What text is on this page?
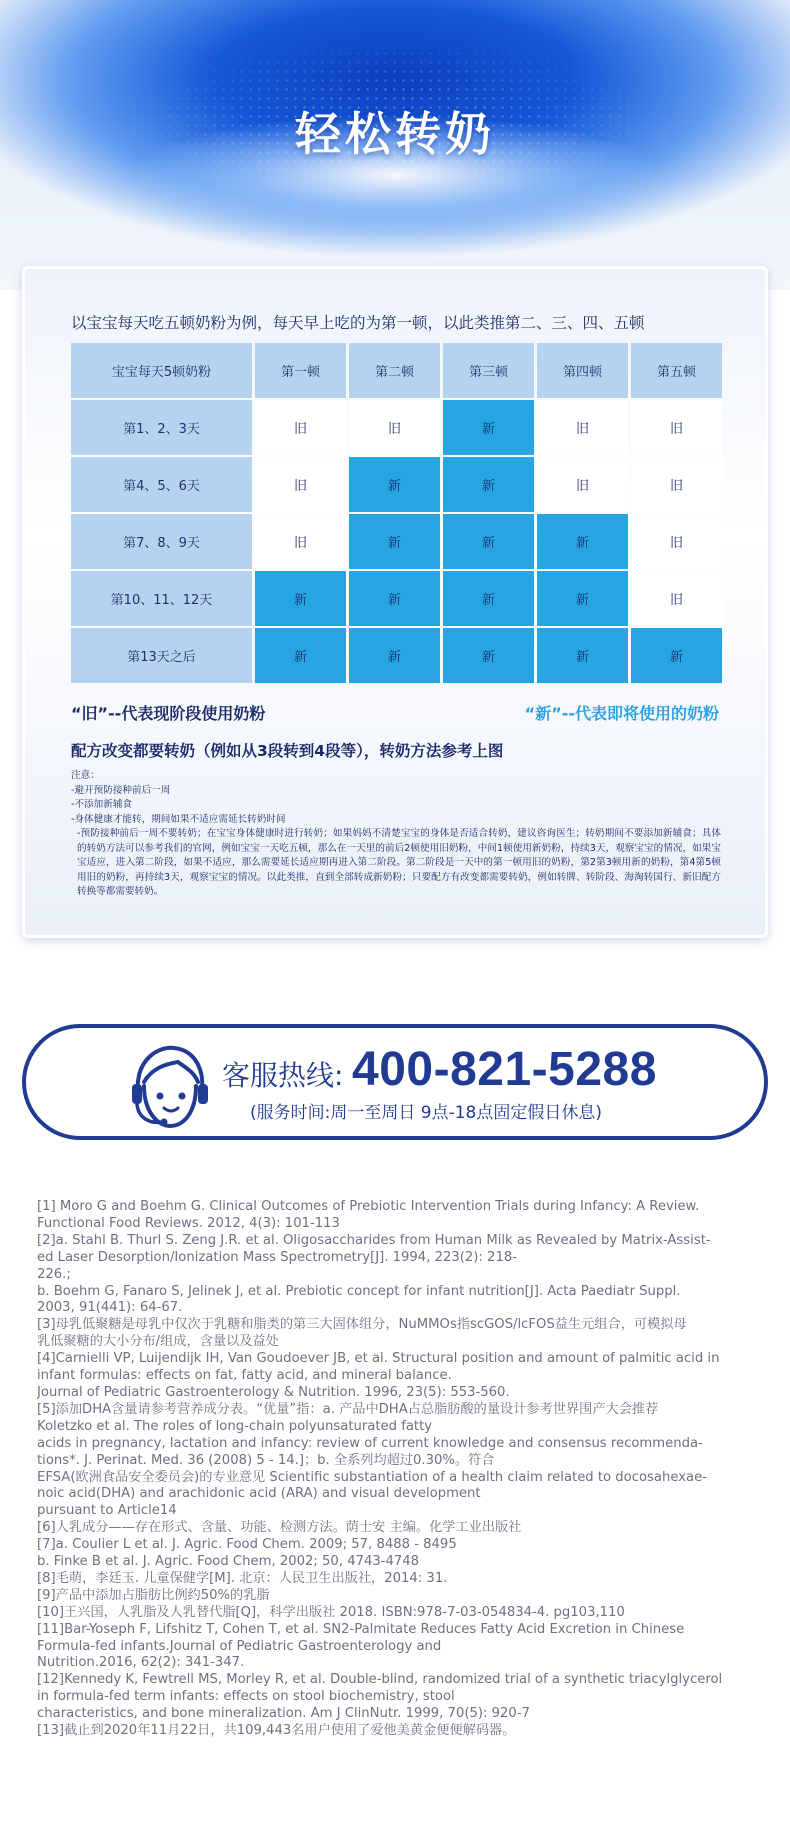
轻松转奶
以宝宝每天吃五顿奶粉为例，每天早上吃的为第一顿，以此类推第二、三、四、五顿
宝宝每天5顿奶粉	第一顿	第二顿	第三顿	第四顿	第五顿
第1、2、3天	旧	旧	新	旧	旧
第4、5、6天	旧	新	新	旧	旧
第7、8、9天	旧	新	新	新	旧
第10、11、12天	新	新	新	新	旧
第13天之后	新	新	新	新	新
“旧”--代表现阶段使用奶粉	“新”--代表即将使用的奶粉
配方改变都要转奶（例如从3段转到4段等），转奶方法参考上图

注意：

-避开预防接种前后一周

-不添加新辅食

-身体健康才能转，期间如果不适应需延长转奶时间

-预防接种前后一周不要转奶；在宝宝身体健康时进行转奶；如果妈妈不清楚宝宝的身体是否适合转奶，建议咨询医生；转奶期间不要添加新辅食；具体的转奶方法可以参考我们的官网，例如宝宝一天吃五顿，那么在一天里的前后2顿使用旧奶粉，中间1顿使用新奶粉，持续3天，观察宝宝的情况，如果宝宝适应，进入第二阶段，如果不适应，那么需要延长适应期再进入第二阶段。第二阶段是一天中的第一顿用旧的奶粉，第2第3顿用新的奶粉，第4第5顿用旧的奶粉，再持续3天，观察宝宝的情况。以此类推，直到全部转成新奶粉；只要配方有改变都需要转奶，例如转牌、转阶段、海淘转国行、新旧配方转换等都需要转奶。

客服热线: 400-821-5288
(服务时间:周一至周日 9点-18点固定假日休息)
[1] Moro G and Boehm G. Clinical Outcomes of Prebiotic Intervention Trials during Infancy: A Review.
Functional Food Reviews. 2012, 4(3): 101-113
[2]a. Stahl B. Thurl S. Zeng J.R. et al. Oligosaccharides from Human Milk as Revealed by Matrix-Assist-
ed Laser Desorption/Ionization Mass Spectrometry[J]. 1994, 223(2): 218-
226.;
b. Boehm G, Fanaro S, Jelinek J, et al. Prebiotic concept for infant nutrition[J]. Acta Paediatr Suppl.
2003, 91(441): 64-67.
[3]母乳低聚糖是母乳中仅次于乳糖和脂类的第三大固体组分，NuMMOs指scGOS/lcFOS益生元组合，可模拟母
乳低聚糖的大小分布/组成，含量以及益处
[4]Carnielli VP, Luijendijk IH, Van Goudoever JB, et al. Structural position and amount of palmitic acid in
infant formulas: effects on fat, fatty acid, and mineral balance.
Journal of Pediatric Gastroenterology & Nutrition. 1996, 23(5): 553-560.
[5]添加DHA含量请参考营养成分表。“优量”指：a. 产品中DHA占总脂肪酸的量设计参考世界围产大会推荐
Koletzko et al. The roles of long-chain polyunsaturated fatty
acids in pregnancy, lactation and infancy: review of current knowledge and consensus recommenda-
tions*. J. Perinat. Med. 36 (2008) 5 - 14.]；b. 全系列均超过0.30%。符合
EFSA(欧洲食品安全委员会)的专业意见 Scientific substantiation of a health claim related to docosahexae-
noic acid(DHA) and arachidonic acid (ARA) and visual development
pursuant to Article14
[6]人乳成分——存在形式、含量、功能、检测方法。荫士安 主编。化学工业出版社
[7]a. Coulier L et al. J. Agric. Food Chem. 2009; 57, 8488 - 8495
b. Finke B et al. J. Agric. Food Chem, 2002; 50, 4743-4748
[8]毛萌，李廷玉. 儿童保健学[M]. 北京：人民卫生出版社，2014: 31.
[9]产品中添加占脂肪比例约50%的乳脂
[10]王兴国，人乳脂及人乳替代脂[Q]，科学出版社 2018. ISBN:978-7-03-054834-4. pg103,110
[11]Bar-Yoseph F, Lifshitz T, Cohen T, et al. SN2-Palmitate Reduces Fatty Acid Excretion in Chinese
Formula-fed infants.Journal of Pediatric Gastroenterology and
Nutrition.2016, 62(2): 341-347.
[12]Kennedy K, Fewtrell MS, Morley R, et al. Double-blind, randomized trial of a synthetic triacylglycerol
in formula-fed term infants: effects on stool biochemistry, stool
characteristics, and bone mineralization. Am J ClinNutr. 1999, 70(5): 920-7
[13]截止到2020年11月22日，共109,443名用户使用了爱他美黄金便便解码器。
